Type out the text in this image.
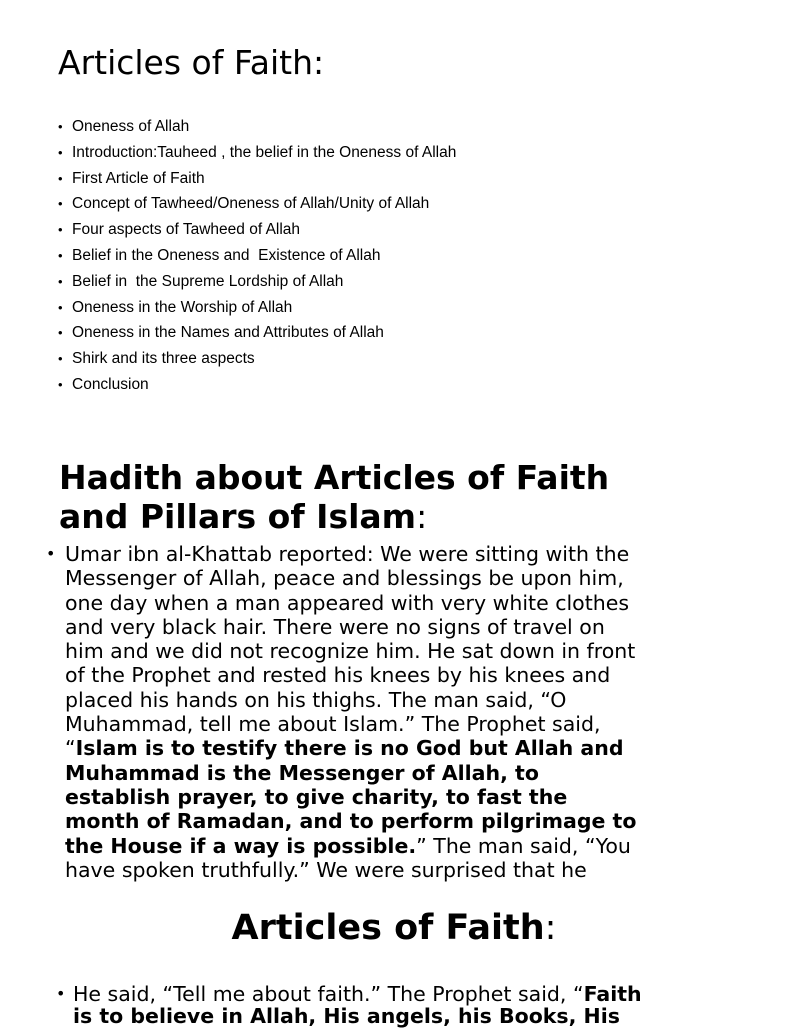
Articles of Faith:
• Oneness of Allah
• Introduction:Tauheed , the belief in the Oneness of Allah
• First Article of Faith
• Concept of Tawheed/Oneness of Allah/Unity of Allah
• Four aspects of Tawheed of Allah
• Belief in the Oneness and  Existence of Allah
• Belief in  the Supreme Lordship of Allah
• Oneness in the Worship of Allah
• Oneness in the Names and Attributes of Allah
• Shirk and its three aspects
• Conclusion
Hadith about Articles of Faith
and Pillars of Islam:
• Umar ibn al-Khattab reported: We were sitting with the
Messenger of Allah, peace and blessings be upon him,
one day when a man appeared with very white clothes
and very black hair. There were no signs of travel on
him and we did not recognize him. He sat down in front
of the Prophet and rested his knees by his knees and
placed his hands on his thighs. The man said, “O
Muhammad, tell me about Islam.” The Prophet said,
“Islam is to testify there is no God but Allah and
Muhammad is the Messenger of Allah, to
establish prayer, to give charity, to fast the
month of Ramadan, and to perform pilgrimage to
the House if a way is possible.” The man said, “You
have spoken truthfully.” We were surprised that he
Articles of Faith:
• He said, “Tell me about faith.” The Prophet said, “Faith
is to believe in Allah, His angels, his Books, His
